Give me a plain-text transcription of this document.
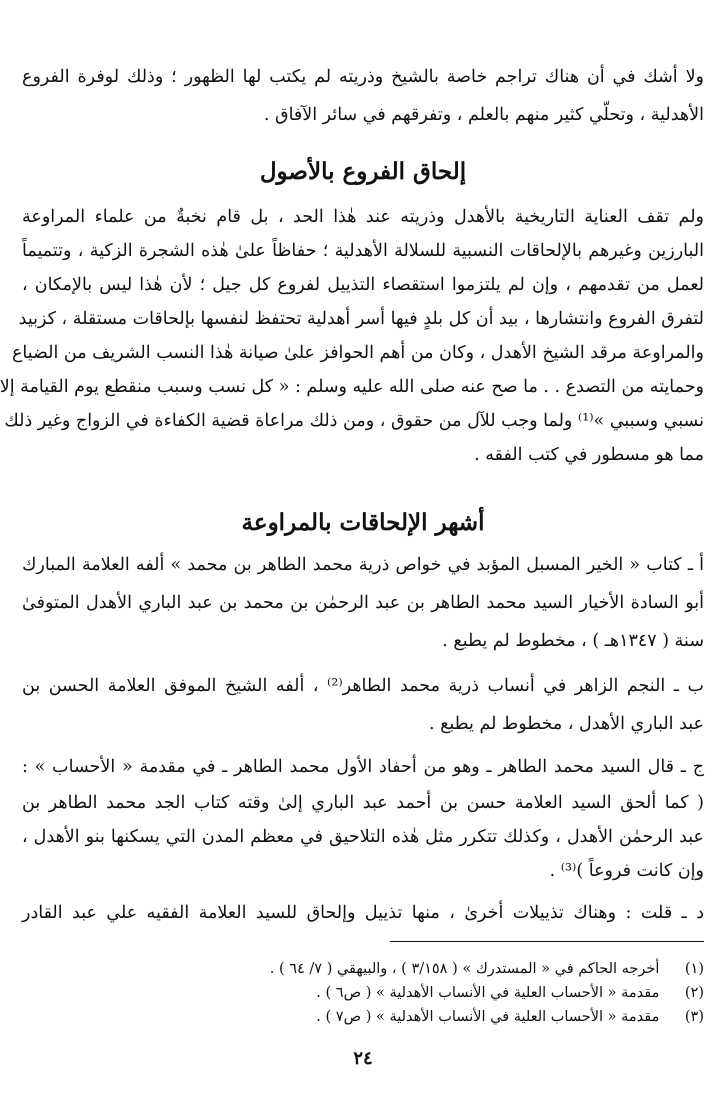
ولا أشك في أن هناك تراجم خاصة بالشيخ وذريته لم يكتب لها الظهور ؛ وذلك لوفرة الفروع
الأهدلية ، وتحلّي كثير منهم بالعلم ، وتفرقهم في سائر الآفاق .
إلحاق الفروع بالأصول
ولم تقف العناية التاريخية بالأهدل وذريته عند هٰذا الحد ، بل قام نخبةٌ من علماء المراوعة
البارزين وغيرهم بالإلحاقات النسبية للسلالة الأهدلية ؛ حفاظاً علىٰ هٰذه الشجرة الزكية ، وتتميماً
لعمل من تقدمهم ، وإن لم يلتزموا استقصاء التذييل لفروع كل جيل ؛ لأن هٰذا ليس بالإمكان ،
لتفرق الفروع وانتشارها ، بيد أن كل بلدٍ فيها أسر أهدلية تحتفظ لنفسها بإلحاقات مستقلة ، كزبيد
والمراوعة مرقد الشيخ الأهدل ، وكان من أهم الحوافز علىٰ صيانة هٰذا النسب الشريف من الضياع
وحمايته من التصدع . . ما صح عنه صلى الله عليه وسلم : « كل نسب وسبب منقطع يوم القيامة إلا
نسبي وسببي »⁽¹⁾ ولما وجب للآل من حقوق ، ومن ذلك مراعاة قضية الكفاءة في الزواج وغير ذلك
مما هو مسطور في كتب الفقه .
أشهر الإلحاقات بالمراوعة
أ ـ كتاب « الخير المسبل المؤبد في خواص ذرية محمد الطاهر بن محمد » ألفه العلامة المبارك
أبو السادة الأخيار السيد محمد الطاهر بن عبد الرحمٰن بن محمد بن عبد الباري الأهدل المتوفىٰ
سنة ( ١٣٤٧هـ ) ، مخطوط لم يطبع .
ب ـ النجم الزاهر في أنساب ذرية محمد الطاهر⁽²⁾ ، ألفه الشيخ الموفق العلامة الحسن بن
عبد الباري الأهدل ، مخطوط لم يطبع .
ج ـ قال السيد محمد الطاهر ـ وهو من أحفاد الأول محمد الطاهر ـ في مقدمة « الأحساب » :
( كما ألحق السيد العلامة حسن بن أحمد عبد الباري إلىٰ وقته كتاب الجد محمد الطاهر بن
عبد الرحمٰن الأهدل ، وكذلك تتكرر مثل هٰذه التلاحيق في معظم المدن التي يسكنها بنو الأهدل ،
وإن كانت فروعاً )⁽³⁾ .
د ـ قلت : وهناك تذييلات أخرىٰ ، منها تذييل وإلحاق للسيد العلامة الفقيه علي عبد القادر
(١) أخرجه الحاكم في « المستدرك » ( ٣/١٥٨ ) ، والبيهقي ( ٧/ ٦٤ ) .
(٢) مقدمة « الأحساب العلية في الأنساب الأهدلية » ( ص٦ ) .
(٣) مقدمة « الأحساب العلية في الأنساب الأهدلية » ( ص٧ ) .
٢٤
